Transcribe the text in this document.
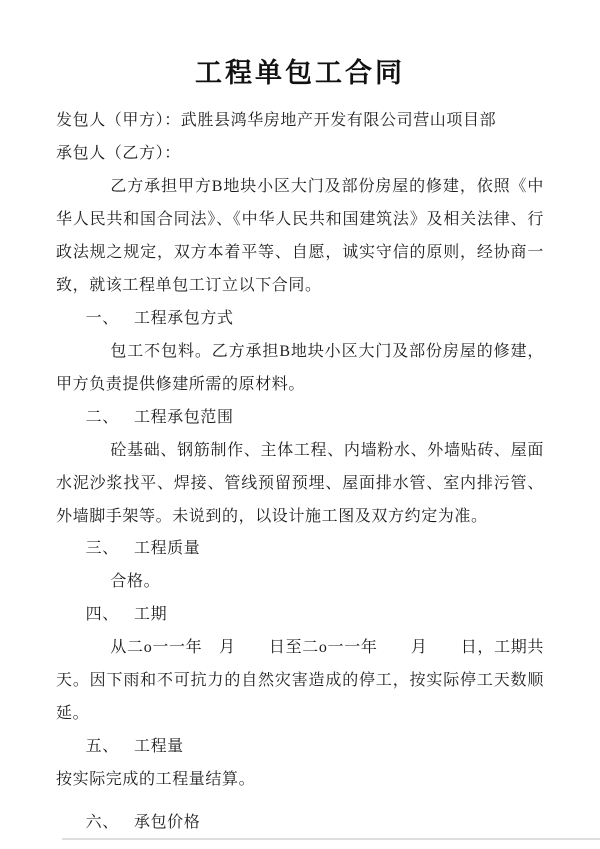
工程单包工合同

发包人（甲方）：武胜县鸿华房地产开发有限公司营山项目部

承包人（乙方）：

乙方承担甲方B地块小区大门及部份房屋的修建，依照《中华人民共和国合同法》、《中华人民共和国建筑法》及相关法律、行政法规之规定，双方本着平等、自愿，诚实守信的原则，经协商一致，就该工程单包工订立以下合同。

一、 工程承包方式

包工不包料。乙方承担B地块小区大门及部份房屋的修建，甲方负责提供修建所需的原材料。

二、 工程承包范围

砼基础、钢筋制作、主体工程、内墙粉水、外墙贴砖、屋面水泥沙浆找平、焊接、管线预留预埋、屋面排水管、室内排污管、外墙脚手架等。未说到的，以设计施工图及双方约定为准。

三、 工程质量

合格。

四、 工期

从二o一一年　月　　日至二o一一年　　月　　日，工期共　天。因下雨和不可抗力的自然灾害造成的停工，按实际停工天数顺延。

五、 工程量

按实际完成的工程量结算。

六、 承包价格
